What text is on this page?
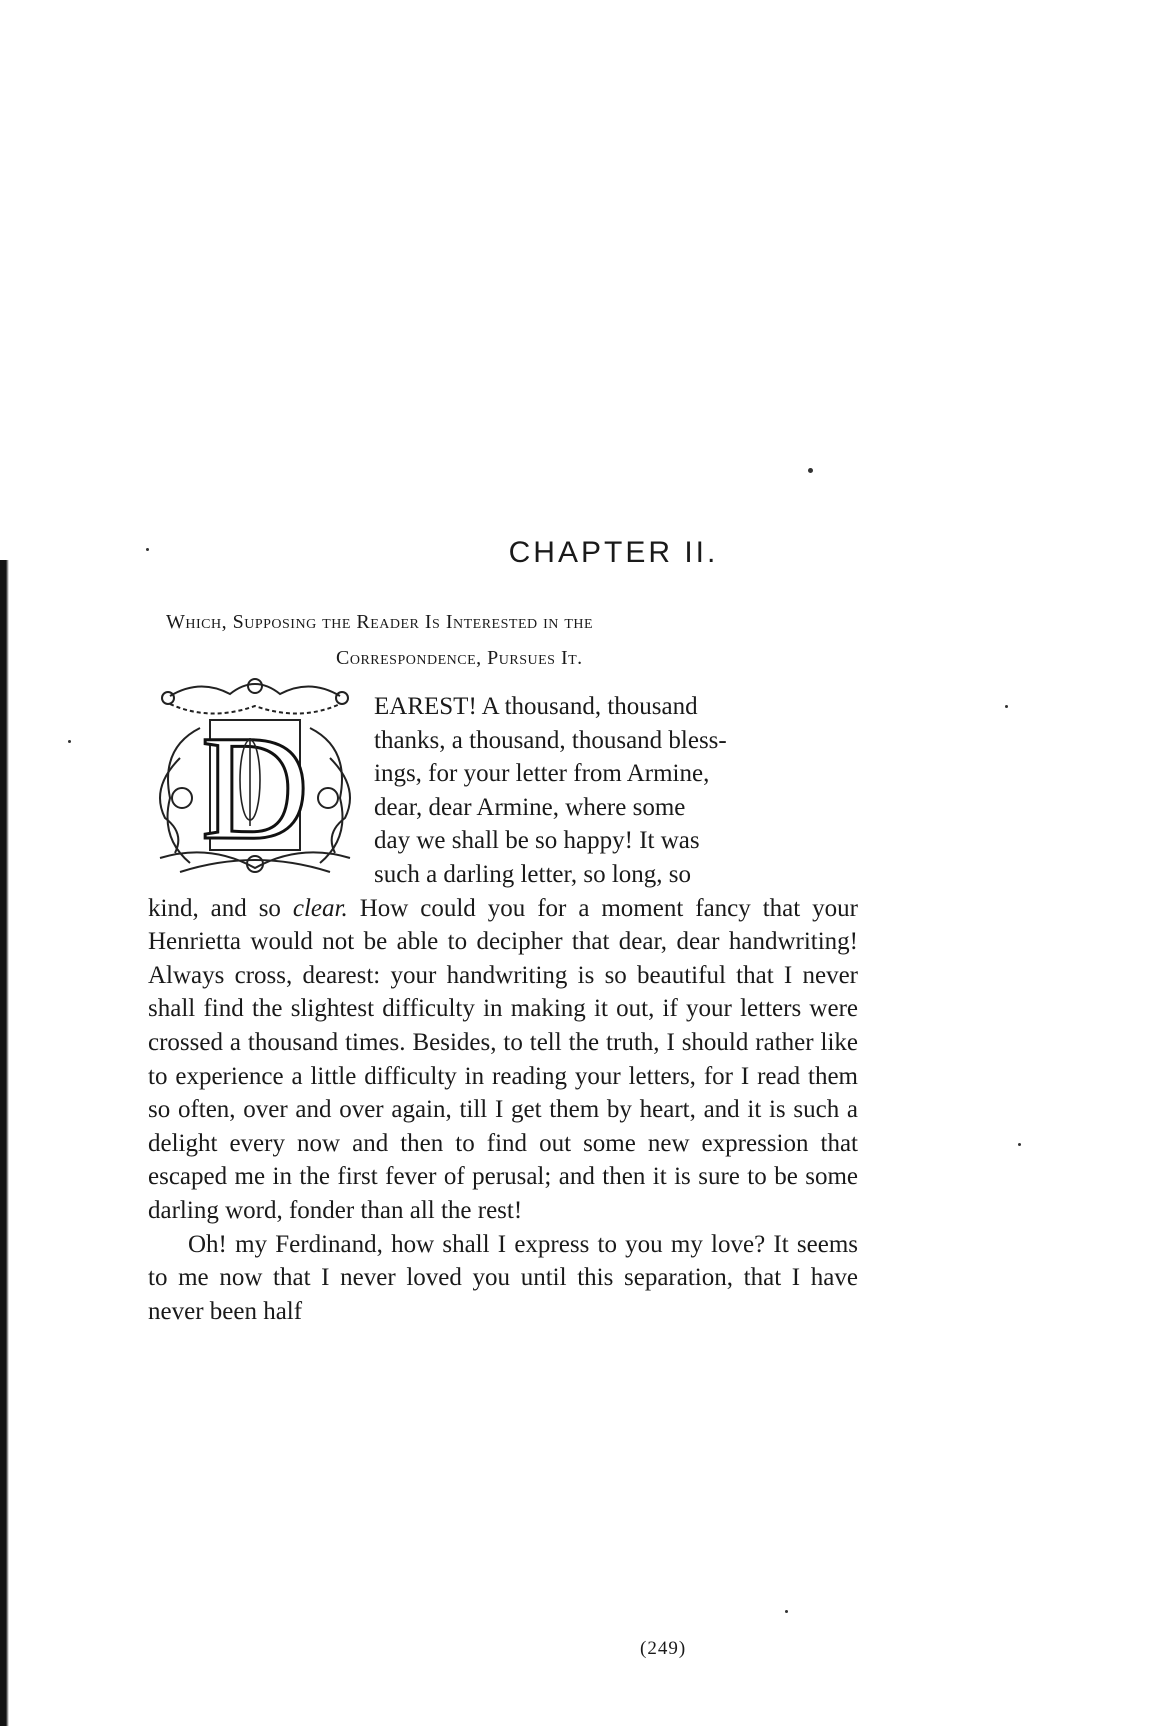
CHAPTER II.
Which, Supposing the Reader Is Interested in the
Correspondence, Pursues It.
D	EAREST! A thousand, thousand
thanks, a thousand, thousand bless-
ings, for your letter from Armine,
dear, dear Armine, where some
day we shall be so happy! It was
such a darling letter, so long, so
kind, and so clear. How could you for a moment fancy that your Henrietta would not be able to decipher that dear, dear handwriting! Always cross, dearest: your handwriting is so beautiful that I never shall find the slightest difficulty in making it out, if your letters were crossed a thousand times. Besides, to tell the truth, I should rather like to experience a little difficulty in reading your letters, for I read them so often, over and over again, till I get them by heart, and it is such a delight every now and then to find out some new expression that escaped me in the first fever of perusal; and then it is sure to be some darling word, fonder than all the rest!

Oh! my Ferdinand, how shall I express to you my love? It seems to me now that I never loved you until this separation, that I have never been half

(249)
